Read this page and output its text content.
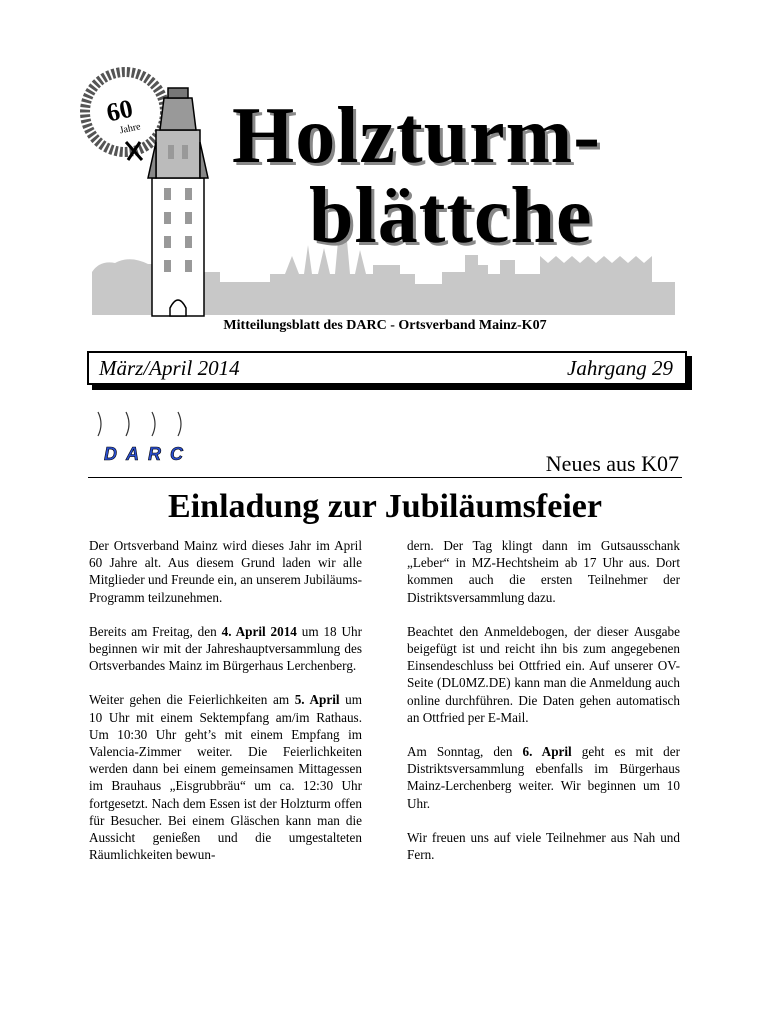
60
Jahre Holzturm-
blättche
Mitteilungsblatt des DARC - Ortsverband Mainz-K07
März/April 2014	Jahrgang 29
DARC	Neues aus K07
Einladung zur Jubiläumsfeier

Der Ortsverband Mainz wird dieses Jahr im April 60 Jahre alt. Aus diesem Grund laden wir alle Mitglieder und Freunde ein, an unserem Jubiläums-Programm teilzunehmen.

Bereits am Freitag, den 4. April 2014 um 18 Uhr beginnen wir mit der Jahreshauptversammlung des Ortsverbandes Mainz im Bürgerhaus Lerchenberg.

Weiter gehen die Feierlichkeiten am 5. April um 10 Uhr mit einem Sektempfang am/im Rathaus. Um 10:30 Uhr geht’s mit einem Empfang im Valencia-Zimmer weiter. Die Feierlichkeiten werden dann bei einem gemeinsamen Mittagessen im Brauhaus „Eisgrubbräu“ um ca. 12:30 Uhr fortgesetzt. Nach dem Essen ist der Holzturm offen für Besucher. Bei einem Gläschen kann man die Aussicht genießen und die umgestalteten Räumlichkeiten bewun-

dern. Der Tag klingt dann im Gutsausschank „Leber“ in MZ-Hechtsheim ab 17 Uhr aus. Dort kommen auch die ersten Teilnehmer der Distriktsversammlung dazu.

Beachtet den Anmeldebogen, der dieser Ausgabe beigefügt ist und reicht ihn bis zum angegebenen Einsendeschluss bei Ottfried ein. Auf unserer OV-Seite (DL0MZ.DE) kann man die Anmeldung auch online durchführen. Die Daten gehen automatisch an Ottfried per E-Mail.

Am Sonntag, den 6. April geht es mit der Distriktsversammlung ebenfalls im Bürgerhaus Mainz-Lerchenberg weiter. Wir beginnen um 10 Uhr.

Wir freuen uns auf viele Teilnehmer aus Nah und Fern.
